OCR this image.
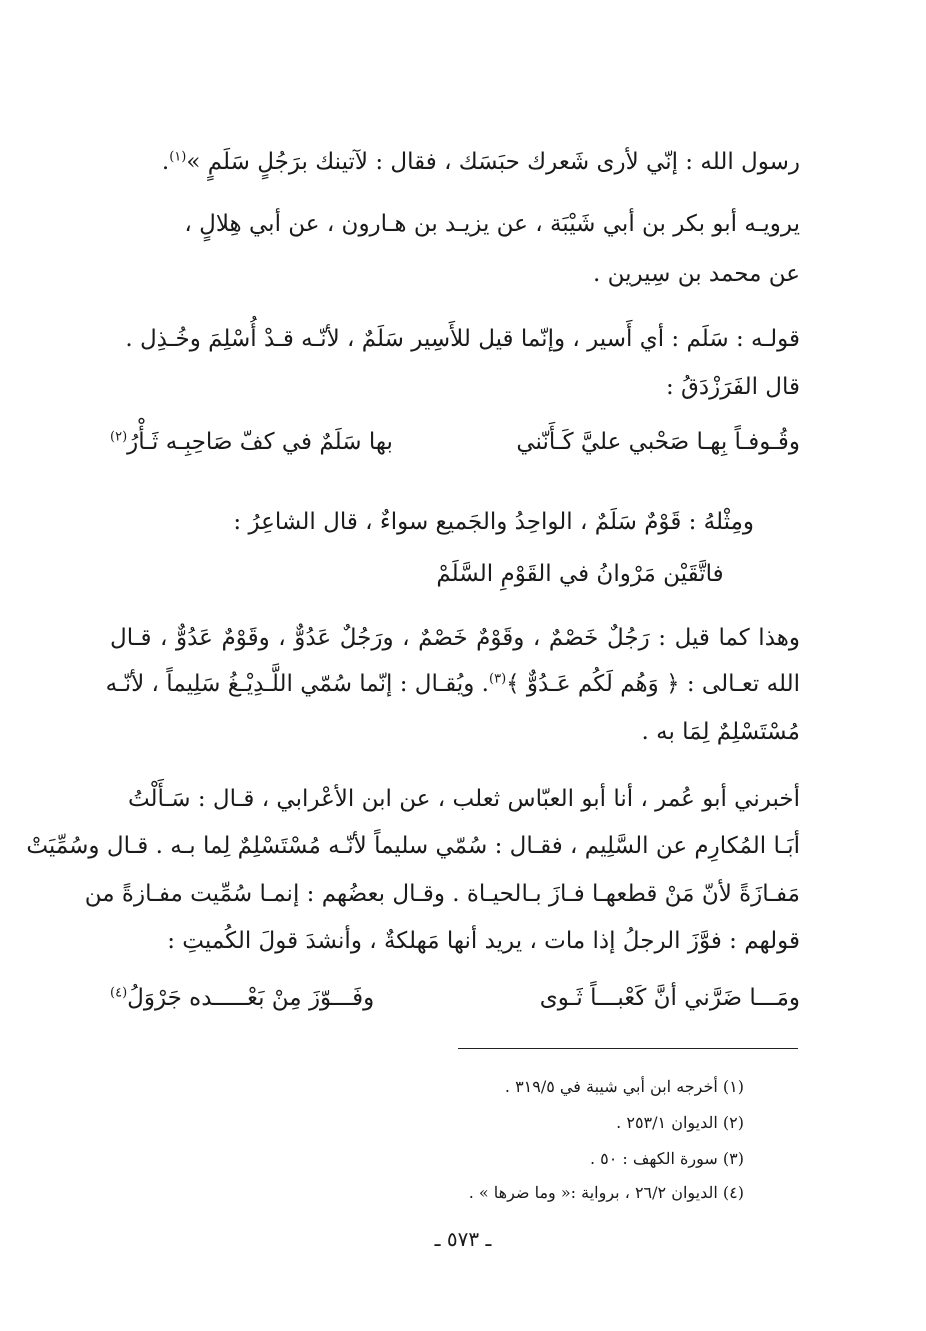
رسول الله : إنّي لأرى شَعرك حبَسَك ، فقال : لآتينك برَجُلٍ سَلَمٍ »$^{(١)}$.
يرويـه أبو بكر بن أبي شَيْبَة ، عن يزيـد بن هـارون ، عن أبي هِلالٍ ،
عن محمد بن سِيرين .
قولـه : سَلَم : أي أَسير ، وإنّما قيل للأَسِير سَلَمٌ ، لأنّـه قـدْ أُسْلِمَ وخُـذِل .
قال الفَرَزْدَقُ :
وقُـوفـاً بِهـا صَحْبي عليَّ كَـأَنّني
بها سَلَمٌ في كفّ صَاحِبِـه ثَـأْرُ$^{(٢)}$
ومِثْلهُ : قَوْمٌ سَلَمٌ ، الواحِدُ والجَميع سواءٌ ، قال الشاعِرُ :
فاتَّقَيْن مَرْوانُ في القَوْمِ السَّلَمْ
وهذا كما قيل : رَجُلٌ خَصْمٌ ، وقَوْمٌ خَصْمٌ ، ورَجُلٌ عَدُوٌّ ، وقَوْمٌ عَدُوٌّ ، قـال
الله تعـالى : ﴿ وَهُم لَكُم عَـدُوٌّ ﴾$^{(٣)}$. ويُقـال : إنّما سُمّي اللَّـدِيْـغُ سَلِيماً ، لأنّـه
مُسْتَسْلِمٌ لِمَا به .
أخبرني أبو عُمر ، أنا أبو العبّاس ثعلب ، عن ابن الأعْرابي ، قـال : سَـأَلْتُ
أبَـا المُكارِم عن السَّلِيم ، فقـال : سُمّي سليماً لأنّـه مُسْتَسْلِمٌ لِما بـه . قـال وسُمِّيَتْ
مَفـازَةً لأنّ مَنْ قطعهـا فـازَ بـالحيـاة . وقـال بعضُهم : إنمـا سُمِّيت مفـازةً من
قولهم : فوَّزَ الرجلُ إذا مات ، يريد أنها مَهلكةٌ ، وأنشدَ قولَ الكُميتِ :
ومَـــا ضَرَّني أنَّ كَعْبـــاً ثَـوى
وفَـــوّزَ مِنْ بَعْـــــده جَرْوَلُ$^{(٤)}$
(١) أخرجه ابن أبي شيبة في ٣١٩/٥ .
(٢) الديوان ٢٥٣/١ .
(٣) سورة الكهف : ٥٠ .
(٤) الديوان ٢٦/٢ ، برواية :« وما ضرها » .
ـ ٥٧٣ ـ
